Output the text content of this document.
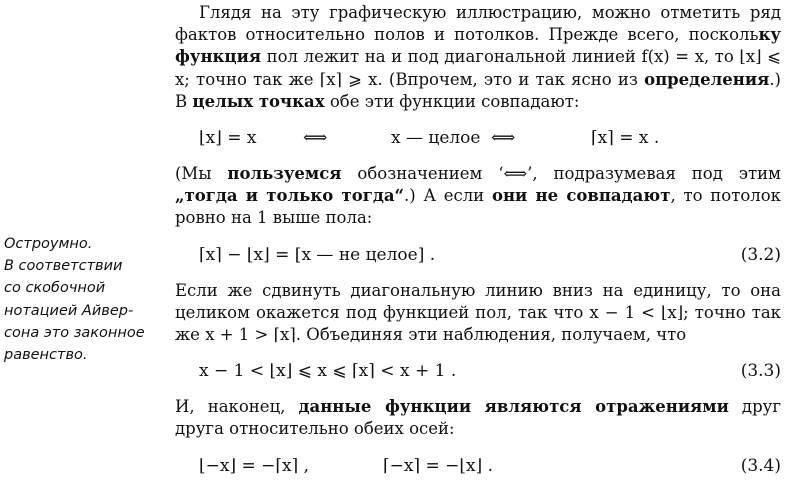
Глядя на эту графическую иллюстрацию, можно отметить ряд фактов относительно полов и потолков. Прежде всего, поскольку функция пол лежит на и под диагональной линией f(x) = x, то ⌊x⌋ ⩽ x; точно так же ⌈x⌉ ⩾ x. (Впрочем, это и так ясно из определения.) В целых точках обе эти функции совпадают:

⌊x⌋ = x	⟺	x — целое ⟺	⌈x⌉ = x .

(Мы пользуемся обозначением ‘⟺’, подразумевая под этим „тогда и только тогда“.) А если они не совпадают, то потолок ровно на 1 выше пола:

⌈x⌉ − ⌊x⌋ = [x — не целое] .	(3.2)

Если же сдвинуть диагональную линию вниз на единицу, то она целиком окажется под функцией пол, так что x − 1 < ⌊x⌋; точно так же x + 1 > ⌈x⌉. Объединяя эти наблюдения, получаем, что

x − 1 < ⌊x⌋ ⩽ x ⩽ ⌈x⌉ < x + 1 .	(3.3)

И, наконец, данные функции являются отражениями друг друга относительно обеих осей:

⌊−x⌋ = −⌈x⌉ ,	⌈−x⌉ = −⌊x⌋ .	(3.4)
Остроумно.
В соответствии
со скобочной
нотацией Айвер-
сона это законное
равенство.
